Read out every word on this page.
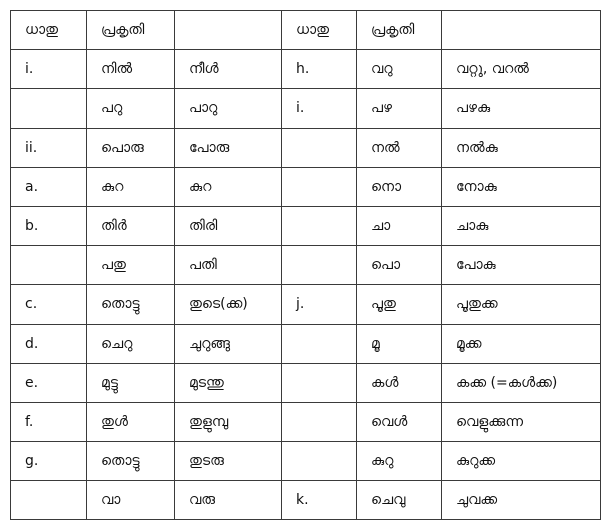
ധാതു	പ്രകൃതി		ധാതു	പ്രകൃതി	
i.	നിൽ	നീൾ	h.	വറു	വറ്റു, വറൽ
	പറു	പാറു	i.	പഴ	പഴകു
ii.	പൊരു	പോരു		നൽ	നൽകു
a.	കുറ	കുറ		നൊ	നോകു
b.	തിർ	തിരി		ചാ	ചാകു
	പതു	പതി		പൊ	പോകു
c.	തൊട്ടു	തുടെ(ക്ക)	j.	പൂതു	പൂതുക്ക
d.	ചെറു	ചുറുങ്ങു		മൂ	മൂക്ക
e.	മുട്ടു	മുടന്തു		കൾ	കക്ക (=കൾക്ക)
f.	തുൾ	തുളുമ്പു		വെൾ	വെളുക്കുന്ന
g.	തൊട്ടു	തുടരു		കുറു	കുറുക്ക
	വാ	വരു	k.	ചെവു	ചുവക്ക
